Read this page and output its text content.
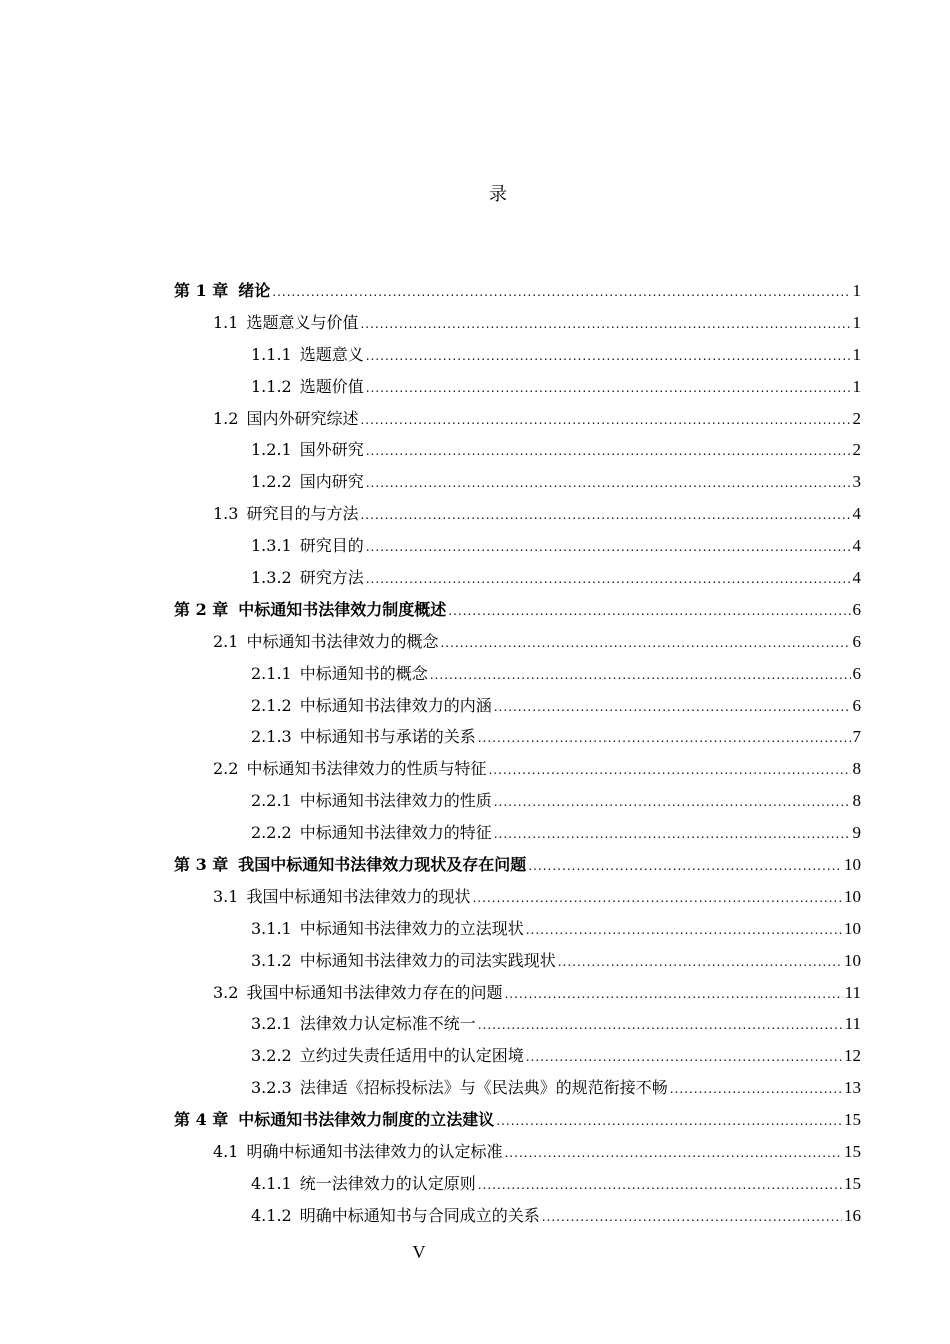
录
第 1 章 绪论 .....	1
1.1 选题意义与价值 .....	1
1.1.1 选题意义 .....	1
1.1.2 选题价值 .....	1
1.2 国内外研究综述 .....	2
1.2.1 国外研究 .....	2
1.2.2 国内研究 .....	3
1.3 研究目的与方法 .....	4
1.3.1 研究目的 .....	4
1.3.2 研究方法 .....	4
第 2 章 中标通知书法律效力制度概述 .....	6
2.1 中标通知书法律效力的概念 .....	6
2.1.1 中标通知书的概念 .....	6
2.1.2 中标通知书法律效力的内涵 .....	6
2.1.3 中标通知书与承诺的关系 .....	7
2.2 中标通知书法律效力的性质与特征 .....	8
2.2.1 中标通知书法律效力的性质 .....	8
2.2.2 中标通知书法律效力的特征 .....	9
第 3 章 我国中标通知书法律效力现状及存在问题 .....	10
3.1 我国中标通知书法律效力的现状 .....	10
3.1.1 中标通知书法律效力的立法现状 .....	10
3.1.2 中标通知书法律效力的司法实践现状 .....	10
3.2 我国中标通知书法律效力存在的问题 .....	11
3.2.1 法律效力认定标准不统一 .....	11
3.2.2 立约过失责任适用中的认定困境 .....	12
3.2.3 法律适《招标投标法》与《民法典》的规范衔接不畅 .....	13
第 4 章 中标通知书法律效力制度的立法建议 .....	15
4.1 明确中标通知书法律效力的认定标准 .....	15
4.1.1 统一法律效力的认定原则 .....	15
4.1.2 明确中标通知书与合同成立的关系 .....	16
V
